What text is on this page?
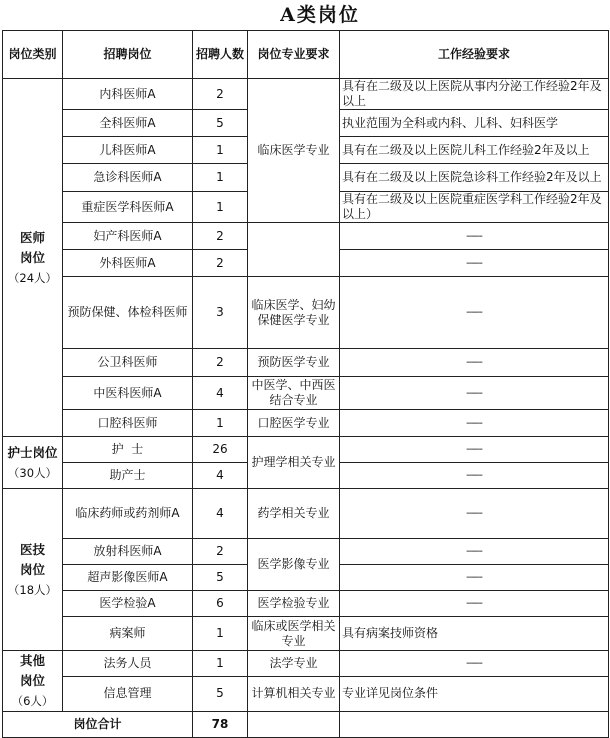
A类岗位
岗位类别	招聘岗位	招聘人数	岗位专业要求	工作经验要求

医师
岗位
（24人）	内科医师A	2	临床医学专业	具有在二级及以上医院从事内分泌工作经验2年及以上
	全科医师A	5		执业范围为全科或内科、儿科、妇科医学
	儿科医师A	1		具有在二级及以上医院儿科工作经验2年及以上
	急诊科医师A	1		具有在二级及以上医院急诊科工作经验2年及以上
	重症医学科医师A	1		具有在二级及以上医院重症医学科工作经验2年及以上）
	妇产科医师A	2		------
	外科医师A	2		------
	预防保健、体检科医师	3	临床医学、妇幼保健医学专业	------
	公卫科医师	2	预防医学专业	------
	中医科医师A	4	中医学、中西医结合专业	------
	口腔科医师	1	口腔医学专业	------

护士岗位
（30人）	护  士	26	护理学相关专业	------
	助产士	4		------

医技
岗位
（18人）	临床药师或药剂师A	4	药学相关专业	------
	放射科医师A	2	医学影像专业	------
	超声影像医师A	5		------
	医学检验A	6	医学检验专业	------
	病案师	1	临床或医学相关专业	具有病案技师资格

其他
岗位
（6人）	法务人员	1	法学专业	------
	信息管理	5	计算机相关专业	专业详见岗位条件
岗位合计		78		
